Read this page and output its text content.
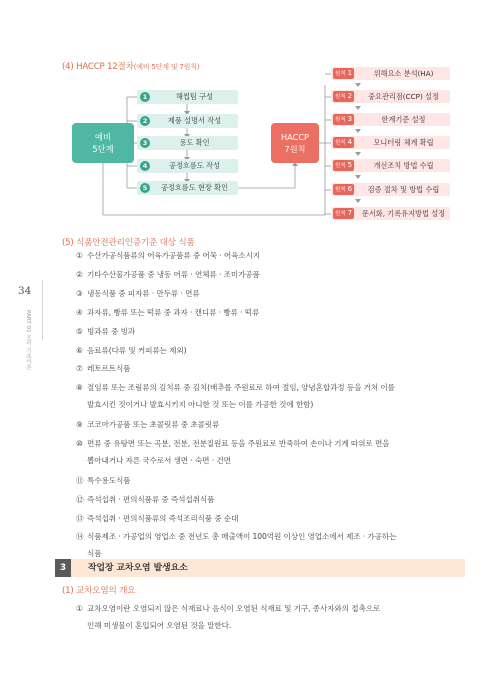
(4) HACCP 12절차(예비 5단계 및 7원칙)
예비
5단계
1	해썹팀 구성
2	제품 설명서 작성
3	용도 확인
4	공정흐름도 작성
5	공정흐름도 현장 확인
HACCP
7원칙
원칙 1	위해요소 분석(HA)
원칙 2	중요관리점(CCP) 설정
원칙 3	한계기준 설정
원칙 4	모니터링 체계 확립
원칙 5	개선조치 방법 수립
원칙 6	검증 절차 및 방법 수립
원칙 7	문서화, 기록유지방법 설정
(5) 식품안전관리인증기준 대상 식품
① 수산가공식품류의 어육가공품류 중 어묵 · 어육소시지
② 기타수산물가공품 중 냉동 어류 · 연체류 · 조미가공품
③ 냉동식품 중 피자류 · 만두류 · 면류
④ 과자류, 빵류 또는 떡류 중 과자 · 캔디류 · 빵류 · 떡류
⑤ 빙과류 중 빙과
⑥ 음료류(다류 및 커피류는 제외)
⑦ 레토르트식품
⑧ 절임류 또는 조림류의 김치류 중 김치(배추를 주원료로 하여 절임, 양념혼합과정 등을 거쳐 이를
발효시킨 것이거나 발효시키지 아니한 것 또는 이를 가공한 것에 한함)
⑨ 코코아가공품 또는 초콜릿류 중 초콜릿류
⑩ 면류 중 유탕면 또는 곡분, 전분, 전분질원료 등을 주원료로 반죽하여 손이나 기계 따위로 면을
뽑아내거나 자른 국수로서 생면 · 숙면 · 건면
⑪ 특수용도식품
⑫ 즉석섭취 · 편의식품류 중 즉석섭취식품
⑬ 즉석섭취 · 편의식품류의 즉석조리식품 중 순대
⑭ 식품제조 · 가공업의 영업소 중 전년도 총 매출액이 100억원 이상인 영업소에서 제조 · 가공하는
식품
34
PART 01 조리 기초이론
3	작업장 교차오염 발생요소
(1) 교차오염의 개요
① 교차오염이란 오염되지 않은 식재료나 음식이 오염된 식재료 및 기구, 종사자와의 접촉으로
인해 미생물이 혼입되어 오염된 것을 말한다.
